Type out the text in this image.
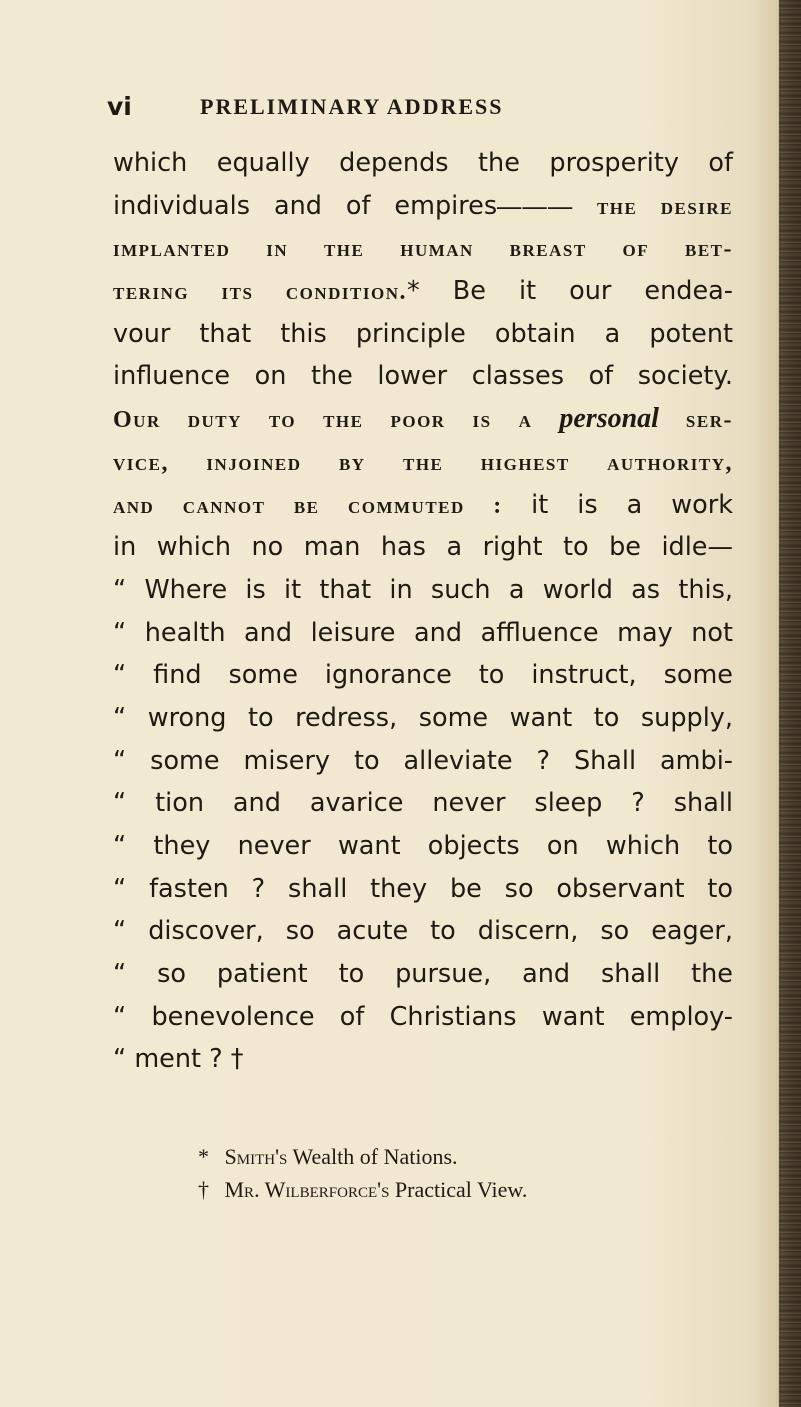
vi	PRELIMINARY ADDRESS
which equally depends the prosperity of
individuals and of empires——— the desire
implanted in the human breast of bet-
tering its condition.* Be it our endea-
vour that this principle obtain a potent
influence on the lower classes of society.
Our duty to the poor is a personal ser-
vice, injoined by the highest authority,
and cannot be commuted : it is a work
in which no man has a right to be idle—
“ Where is it that in such a world as this,
“ health and leisure and affluence may not
“ find some ignorance to instruct, some
“ wrong to redress, some want to supply,
“ some misery to alleviate ? Shall ambi-
“ tion and avarice never sleep ? shall
“ they never want objects on which to
“ fasten ? shall they be so observant to
“ discover, so acute to discern, so eager,
“ so patient to pursue, and shall the
“ benevolence of Christians want employ-
“ ment ? †
* Smith's Wealth of Nations.
† Mr. Wilberforce's Practical View.
